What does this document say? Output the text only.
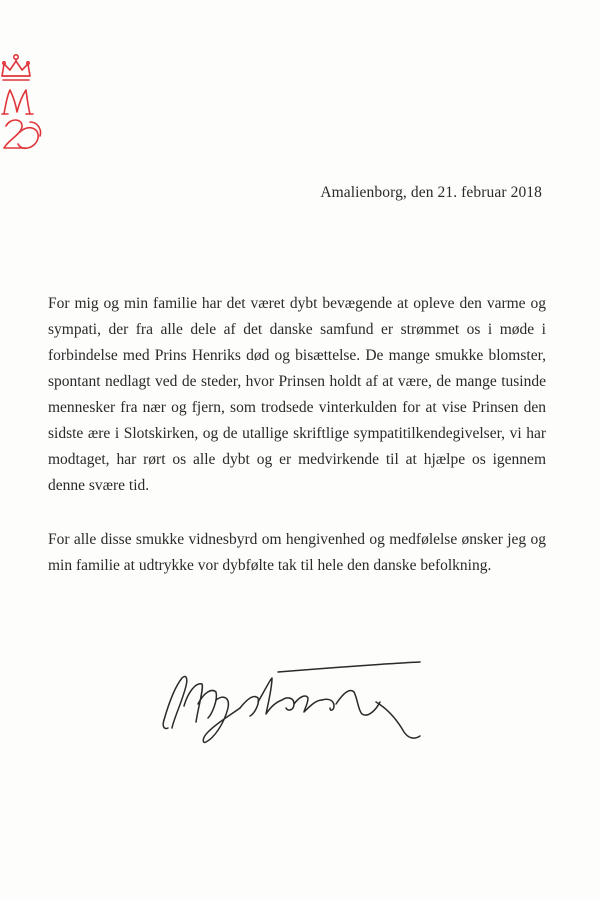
Amalienborg, den 21. februar 2018

For mig og min familie har det været dybt bevægende at opleve den varme og sympati, der fra alle dele af det danske samfund er strømmet os i møde i forbindelse med Prins Henriks død og bisættelse. De mange smukke blomster, spontant nedlagt ved de steder, hvor Prinsen holdt af at være, de mange tusinde mennesker fra nær og fjern, som trodsede vinterkulden for at vise Prinsen den sidste ære i Slotskirken, og de utallige skriftlige sympatitilkendegivelser, vi har modtaget, har rørt os alle dybt og er medvirkende til at hjælpe os igennem denne svære tid.

For alle disse smukke vidnesbyrd om hengivenhed og medfølelse ønsker jeg og min familie at udtrykke vor dybfølte tak til hele den danske befolkning.
